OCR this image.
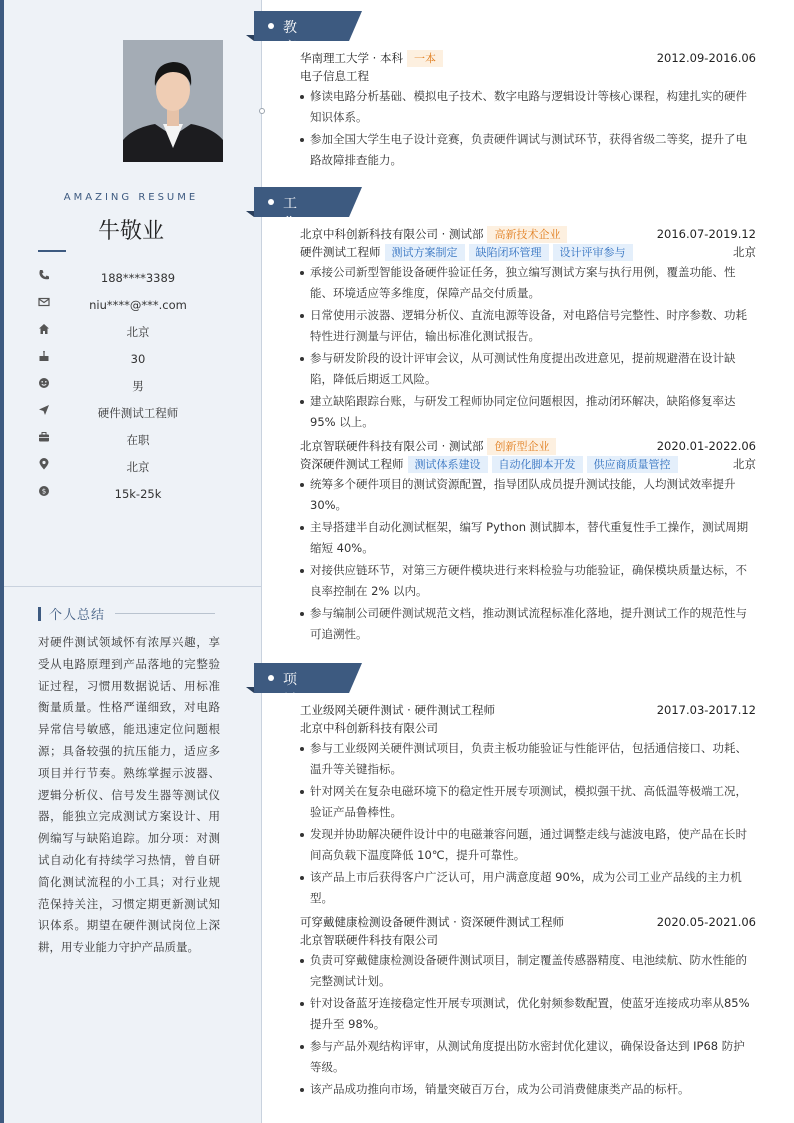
AMAZING RESUME
牛敬业
188****3389
niu****@***.com
北京
30
男
硬件测试工程师
在职
北京
$	15k-25k
个人总结
对硬件测试领域怀有浓厚兴趣，享受从电路原理到产品落地的完整验证过程，习惯用数据说话、用标准衡量质量。性格严谨细致，对电路异常信号敏感，能迅速定位问题根源；具备较强的抗压能力，适应多项目并行节奏。熟练掌握示波器、逻辑分析仪、信号发生器等测试仪器，能独立完成测试方案设计、用例编写与缺陷追踪。加分项：对测试自动化有持续学习热情，曾自研简化测试流程的小工具；对行业规范保持关注，习惯定期更新测试知识体系。期望在硬件测试岗位上深耕，用专业能力守护产品质量。
教育经历
华南理工大学 · 本科	一本	2012.09-2016.06
电子信息工程
修读电路分析基础、模拟电子技术、数字电路与逻辑设计等核心课程，构建扎实的硬件知识体系。
参加全国大学生电子设计竞赛，负责硬件调试与测试环节，获得省级二等奖，提升了电路故障排查能力。
工作经历
北京中科创新科技有限公司 · 测试部	高新技术企业	2016.07-2019.12
硬件测试工程师	测试方案制定	缺陷闭环管理	设计评审参与	北京
承接公司新型智能设备硬件验证任务，独立编写测试方案与执行用例，覆盖功能、性能、环境适应等多维度，保障产品交付质量。
日常使用示波器、逻辑分析仪、直流电源等设备，对电路信号完整性、时序参数、功耗特性进行测量与评估，输出标准化测试报告。
参与研发阶段的设计评审会议，从可测试性角度提出改进意见，提前规避潜在设计缺陷，降低后期返工风险。
建立缺陷跟踪台账，与研发工程师协同定位问题根因，推动闭环解决，缺陷修复率达95% 以上。
北京智联硬件科技有限公司 · 测试部	创新型企业	2020.01-2022.06
资深硬件测试工程师	测试体系建设	自动化脚本开发	供应商质量管控	北京
统筹多个硬件项目的测试资源配置，指导团队成员提升测试技能，人均测试效率提升30%。
主导搭建半自动化测试框架，编写 Python 测试脚本，替代重复性手工操作，测试周期缩短 40%。
对接供应链环节，对第三方硬件模块进行来料检验与功能验证，确保模块质量达标，不良率控制在 2% 以内。
参与编制公司硬件测试规范文档，推动测试流程标准化落地，提升测试工作的规范性与可追溯性。
项目经历
工业级网关硬件测试 · 硬件测试工程师	2017.03-2017.12
北京中科创新科技有限公司
参与工业级网关硬件测试项目，负责主板功能验证与性能评估，包括通信接口、功耗、温升等关键指标。
针对网关在复杂电磁环境下的稳定性开展专项测试，模拟强干扰、高低温等极端工况，验证产品鲁棒性。
发现并协助解决硬件设计中的电磁兼容问题，通过调整走线与滤波电路，使产品在长时间高负载下温度降低 10℃，提升可靠性。
该产品上市后获得客户广泛认可，用户满意度超 90%，成为公司工业产品线的主力机型。
可穿戴健康检测设备硬件测试 · 资深硬件测试工程师	2020.05-2021.06
北京智联硬件科技有限公司
负责可穿戴健康检测设备硬件测试项目，制定覆盖传感器精度、电池续航、防水性能的完整测试计划。
针对设备蓝牙连接稳定性开展专项测试，优化射频参数配置，使蓝牙连接成功率从85% 提升至 98%。
参与产品外观结构评审，从测试角度提出防水密封优化建议，确保设备达到 IP68 防护等级。
该产品成功推向市场，销量突破百万台，成为公司消费健康类产品的标杆。
